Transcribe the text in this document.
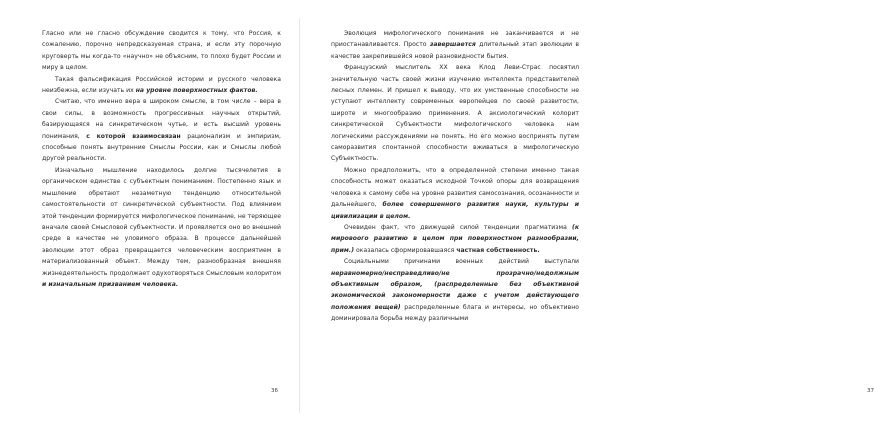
Гласно или не гласно обсуждение сводится к тому, что Россия, к сожалению, порочно непредсказуемая страна, и если эту порочную круговерть мы когда-то «научно» не объясним, то плохо будет России и миру в целом.

Такая фальсификация Российской истории и русского человека неизбежна, если изучать их на уровне поверхностных фактов.

Считаю, что именно вера в широком смысле, в том числе – вера в свои силы, в возможность прогрессивных научных открытий, базирующаяся на синкретическом чутье, и есть высший уровень понимания, с которой взаимосвязан рационализм и эмпиризм, способные понять внутренние Смыслы России, как и Смыслы любой другой реальности.

Изначально мышление находилось долгие тысячелетия в органическом единстве с субъектным пониманием. Постепенно язык и мышление обретают незаметную тенденцию относительной самостоятельности от синкретической субъектности. Под влиянием этой тенденции формируется мифологическое понимание, не теряющее вначале своей Смысловой субъектности. И проявляется оно во внешней среде в качестве не уловимого образа. В процессе дальнейшей эволюции этот образ превращается человеческим восприятием в материализованный объект. Между тем, разнообразная внешняя жизнедеятельность продолжает одухотворяться Смысловым колоритом и изначальным призванием человека.

36

Эволюция мифологического понимания не заканчивается и не приостанавливается. Просто завершается длительный этап эволюции в качестве закрепившейся новой разновидности бытия.

Французский мыслитель XX века Клод Леви-Страс посвятил значительную часть своей жизни изучению интеллекта представителей лесных племен. И пришел к выводу, что их умственные способности не уступают интеллекту современных европейцев по своей развитости, широте и многообразию применения. А аксиологический колорит синкретической Субъектности мифологического человека нам логическими рассуждениями не понять. Но его можно воспринять путем саморазвития спонтанной способности вживаться в мифологическую Субъектность.

Можно предположить, что в определенной степени именно такая способность может оказаться исходной Точкой опоры для возвращения человека к самому себе на уровне развития самосознания, осознанности и дальнейшего, более совершенного развития науки, культуры и цивилизации в целом.

Очевиден факт, что движущей силой тенденции прагматизма (к мировоого развитию в целом при поверхностном разнообразии, прим.) оказалась сформировавшаяся частная собственность.

Социальными причинами военных действий выступали неравномерно/несправедливо/не прозрачно/недолжным объективным образом, (распределенные без объективной экономической закономерности даже с учетом действующего положения вещей) распределенные блага и интересы, но объективно доминировала борьба между различными

37
